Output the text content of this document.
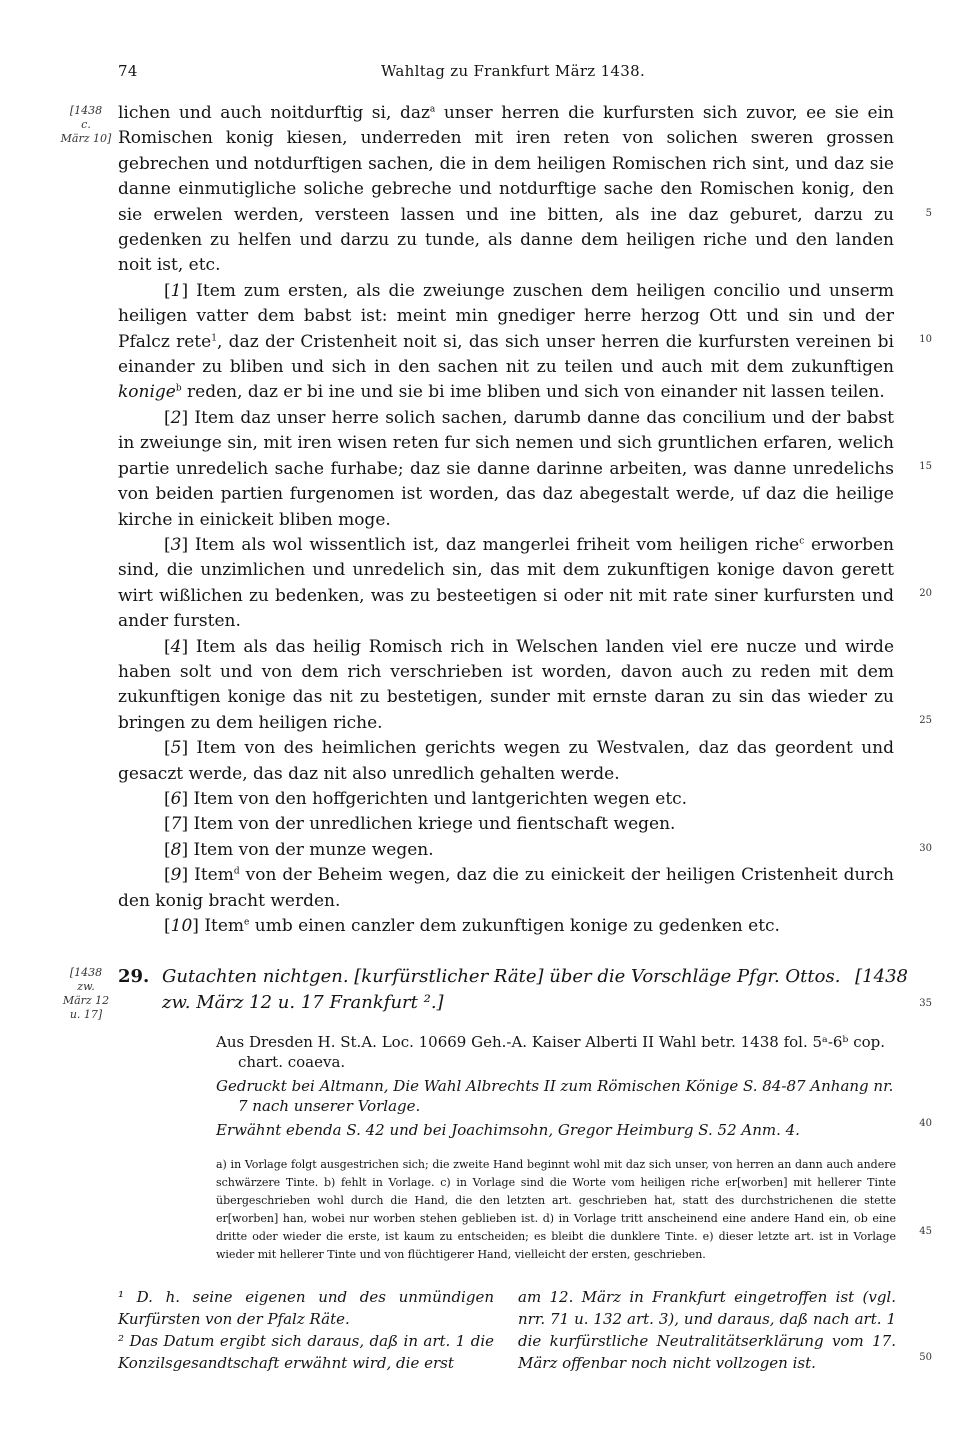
74	Wahltag zu Frankfurt März 1438.
[1438
c.
März 10]
[1438
zw.
März 12
u. 17]
5
10
15
20
25
30
35
40
45
50

lichen und auch noitdurftig si, daz$^a$ unser herren die kurfursten sich zuvor, ee sie ein Romischen konig kiesen, underreden mit iren reten von solichen sweren grossen gebrechen und notdurftigen sachen, die in dem heiligen Romischen rich sint, und daz sie danne einmutigliche soliche gebreche und notdurftige sache den Romischen konig, den sie erwelen werden, versteen lassen und ine bitten, als ine daz geburet, darzu zu gedenken zu helfen und darzu zu tunde, als danne dem heiligen riche und den landen noit ist, etc.

[1] Item zum ersten, als die zweiunge zuschen dem heiligen concilio und unserm heiligen vatter dem babst ist: meint min gnediger herre herzog Ott und sin und der Pfalcz rete$^1$, daz der Cristenheit noit si, das sich unser herren die kurfursten vereinen bi einander zu bliben und sich in den sachen nit zu teilen und auch mit dem zukunftigen konige$^b$ reden, daz er bi ine und sie bi ime bliben und sich von einander nit lassen teilen.

[2] Item daz unser herre solich sachen, darumb danne das concilium und der babst in zweiunge sin, mit iren wisen reten fur sich nemen und sich gruntlichen erfaren, welich partie unredelich sache furhabe; daz sie danne darinne arbeiten, was danne unredelichs von beiden partien furgenomen ist worden, das daz abegestalt werde, uf daz die heilige kirche in einickeit bliben moge.

[3] Item als wol wissentlich ist, daz mangerlei friheit vom heiligen riche$^c$ erworben sind, die unzimlichen und unredelich sin, das mit dem zukunftigen konige davon gerett wirt wißlichen zu bedenken, was zu besteetigen si oder nit mit rate siner kurfursten und ander fursten.

[4] Item als das heilig Romisch rich in Welschen landen viel ere nucze und wirde haben solt und von dem rich verschrieben ist worden, davon auch zu reden mit dem zukunftigen konige das nit zu bestetigen, sunder mit ernste daran zu sin das wieder zu bringen zu dem heiligen riche.

[5] Item von des heimlichen gerichts wegen zu Westvalen, daz das geordent und gesaczt werde, das daz nit also unredlich gehalten werde.

[6] Item von den hoffgerichten und lantgerichten wegen etc.

[7] Item von der unredlichen kriege und fientschaft wegen.

[8] Item von der munze wegen.

[9] Item$^d$ von der Beheim wegen, daz die zu einickeit der heiligen Cristenheit durch den konig bracht werden.

[10] Item$^e$ umb einen canzler dem zukunftigen konige zu gedenken etc.

29. Gutachten nichtgen. [kurfürstlicher Räte] über die Vorschläge Pfgr. Ottos.
zw. März 12 u. 17 Frankfurt ².]
[1438

Aus Dresden H. St.A. Loc. 10669 Geh.-A. Kaiser Alberti II Wahl betr. 1438 fol. 5ᵃ-6ᵇ cop. chart. coaeva.

Gedruckt bei Altmann, Die Wahl Albrechts II zum Römischen Könige S. 84-87 Anhang nr. 7 nach unserer Vorlage.

Erwähnt ebenda S. 42 und bei Joachimsohn, Gregor Heimburg S. 52 Anm. 4.

a) in Vorlage folgt ausgestrichen sich; die zweite Hand beginnt wohl mit daz sich unser, von herren an dann auch andere schwärzere Tinte. b) fehlt in Vorlage. c) in Vorlage sind die Worte vom heiligen riche er[worben] mit hellerer Tinte übergeschrieben wohl durch die Hand, die den letzten art. geschrieben hat, statt des durchstrichenen die stette er[worben] han, wobei nur worben stehen geblieben ist. d) in Vorlage tritt anscheinend eine andere Hand ein, ob eine dritte oder wieder die erste, ist kaum zu entscheiden; es bleibt die dunklere Tinte. e) dieser letzte art. ist in Vorlage wieder mit hellerer Tinte und von flüchtigerer Hand, vielleicht der ersten, geschrieben.

¹ D. h. seine eigenen und des unmündigen Kurfürsten von der Pfalz Räte.

² Das Datum ergibt sich daraus, daß in art. 1 die Konzilsgesandtschaft erwähnt wird, die erst

am 12. März in Frankfurt eingetroffen ist (vgl. nrr. 71 u. 132 art. 3), und daraus, daß nach art. 1 die kurfürstliche Neutralitätserklärung vom 17. März offenbar noch nicht vollzogen ist.
